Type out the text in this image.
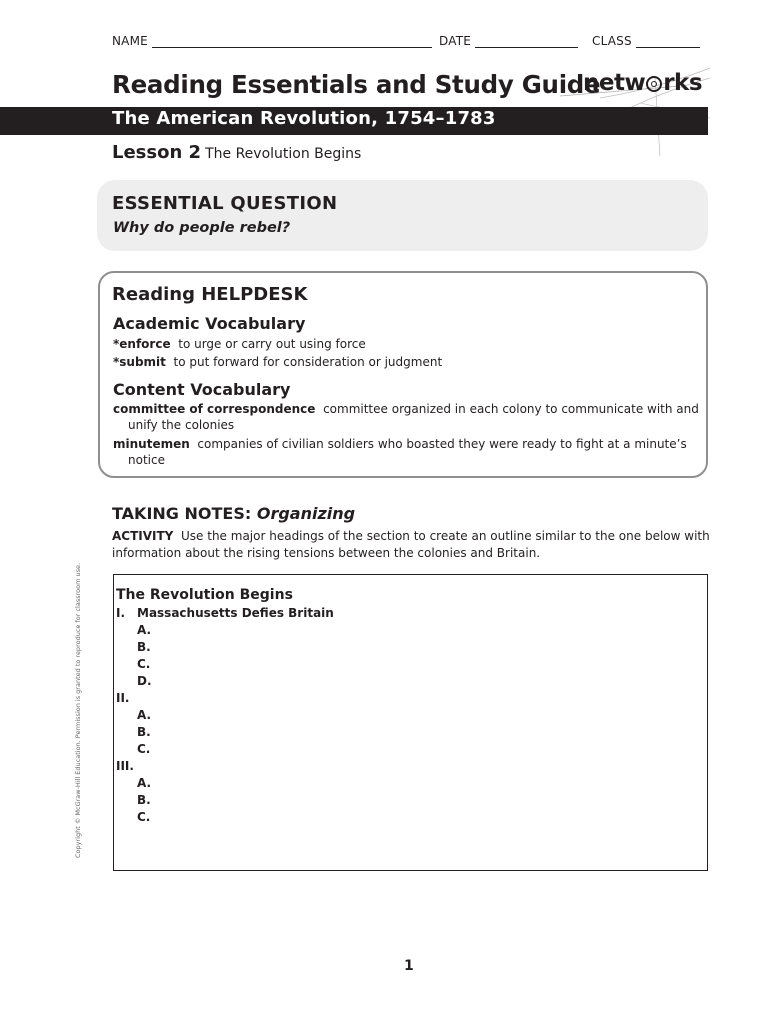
NAME	DATE	CLASS
Reading Essentials and Study Guide
netw rks
The American Revolution, 1754–1783
Lesson 2 The Revolution Begins
ESSENTIAL QUESTION
Why do people rebel?
Reading HELPDESK
Academic Vocabulary
*enforce to urge or carry out using force
*submit to put forward for consideration or judgment
Content Vocabulary
committee of correspondence committee organized in each colony to communicate with and
unify the colonies
minutemen companies of civilian soldiers who boasted they were ready to fight at a minute’s
notice
TAKING NOTES: Organizing
ACTIVITY Use the major headings of the section to create an outline similar to the one below with
information about the rising tensions between the colonies and Britain.
The Revolution Begins
I. Massachusetts Defies Britain
A.
B.
C.
D.
II.
A.
B.
C.
III.
A.
B.
C.
Copyright © McGraw-Hill Education. Permission is granted to reproduce for classroom use.
1
